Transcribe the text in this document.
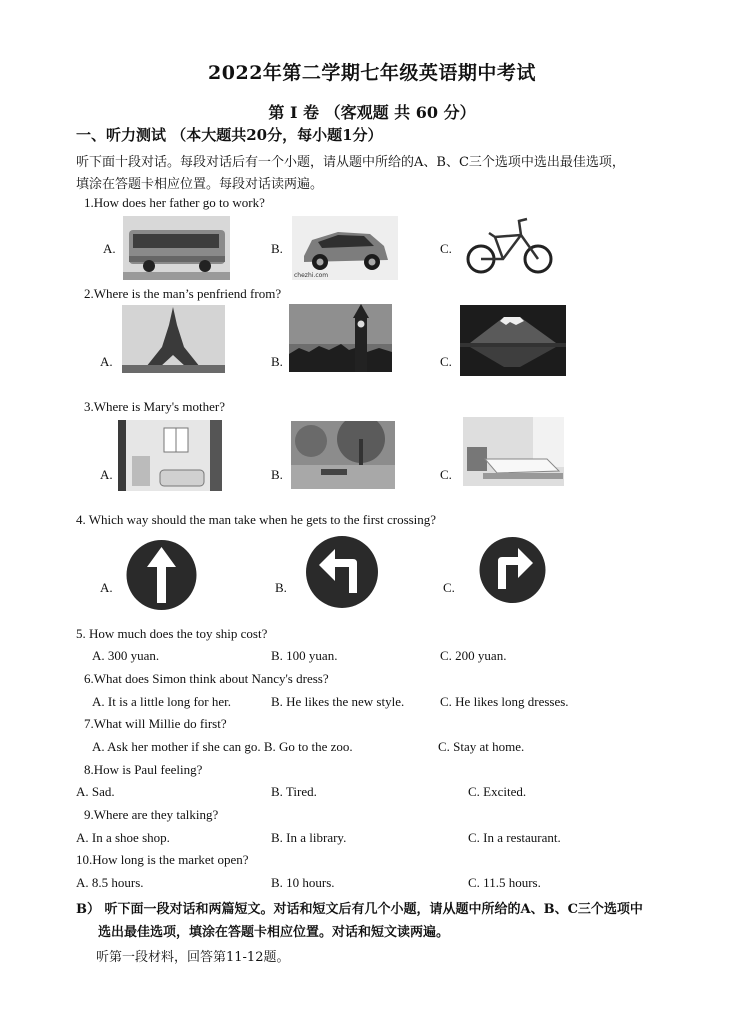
2022年第二学期七年级英语期中考试
第 I 卷 （客观题 共 60 分）
一、听力测试 （本大题共20分，每小题1分）
听下面十段对话。每段对话后有一个小题，请从题中所给的A、B、C三个选项中选出最佳选项，
填涂在答题卡相应位置。每段对话读两遍。
1.How does her father go to work?
A.	B.
chezhi.com
C.
2.Where is the man’s penfriend from?
A.	B.	C.
3.Where is Mary's mother?
A.	B.	C.
4. Which way should the man take when he gets to the first crossing?
A.	B.	C.
5. How much does the toy ship cost?
A. 300 yuan.	B. 100 yuan.	C. 200 yuan.
6.What does Simon think about Nancy's dress?
A. It is a little long for her.	B. He likes the new style.	C. He likes long dresses.
7.What will Millie do first?
A. Ask her mother if she can go. B. Go to the zoo.	C. Stay at home.
8.How is Paul feeling?
A. Sad.	B. Tired.	C. Excited.
9.Where are they talking?
A. In a shoe shop.	B. In a library.	C. In a restaurant.
10.How long is the market open?
A. 8.5 hours.	B. 10 hours.	C. 11.5 hours.
B） 听下面一段对话和两篇短文。对话和短文后有几个小题，请从题中所给的A、B、C三个选项中
选出最佳选项，填涂在答题卡相应位置。对话和短文读两遍。
听第一段材料，回答第11-12题。
